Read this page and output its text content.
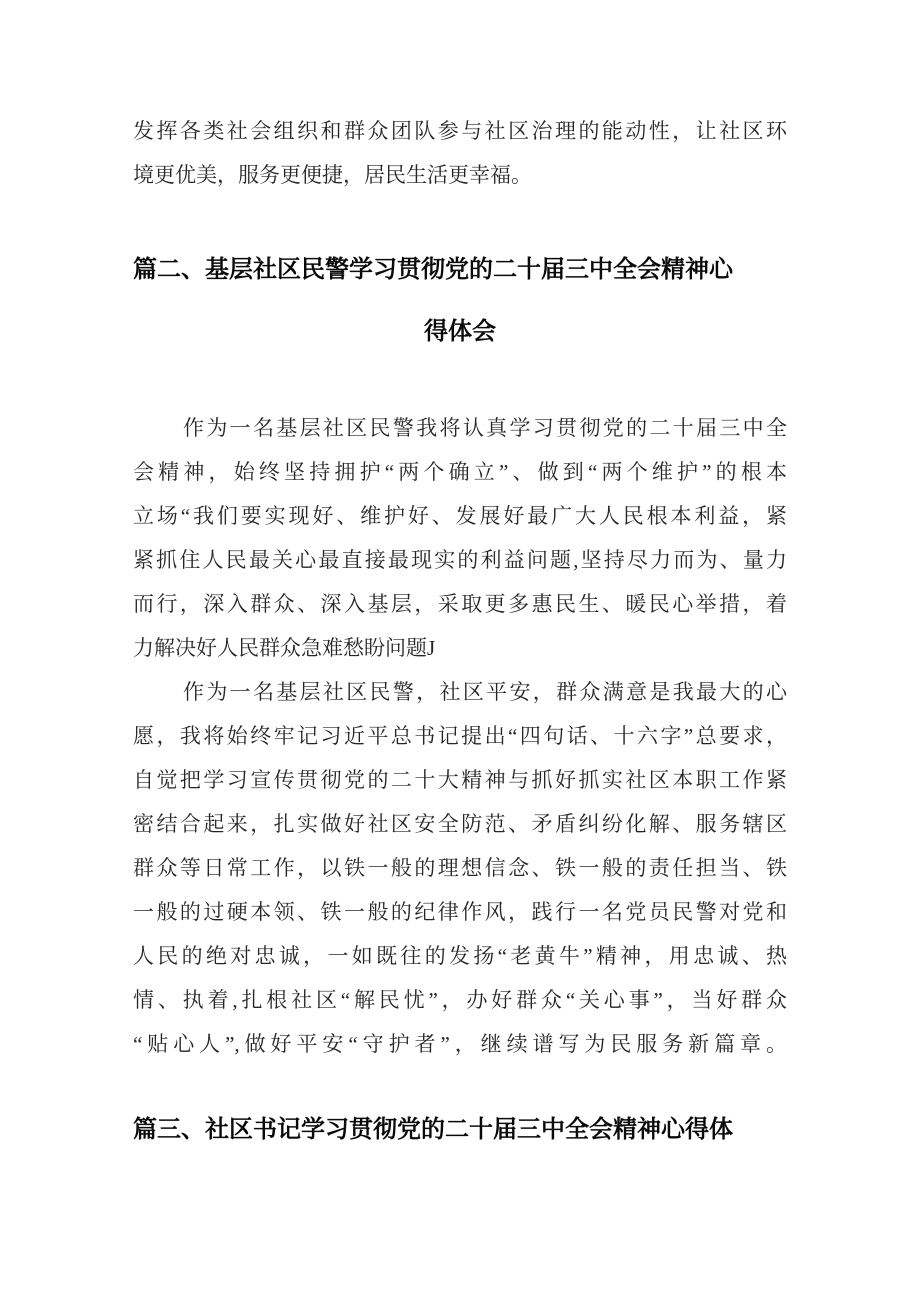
发挥各类社会组织和群众团队参与社区治理的能动性，让社区环
境更优美，服务更便捷，居民生活更幸福。
篇二、基层社区民警学习贯彻党的二十届三中全会精神心
得体会
作为一名基层社区民警我将认真学习贯彻党的二十届三中全
会精神，始终坚持拥护“两个确立”、做到“两个维护”的根本
立场“我们要实现好、维护好、发展好最广大人民根本利益，紧
紧抓住人民最关心最直接最现实的利益问题,坚持尽力而为、量力
而行，深入群众、深入基层，采取更多惠民生、暖民心举措，着
力解决好人民群众急难愁盼问题J
作为一名基层社区民警，社区平安，群众满意是我最大的心
愿，我将始终牢记习近平总书记提出“四句话、十六字”总要求，
自觉把学习宣传贯彻党的二十大精神与抓好抓实社区本职工作紧
密结合起来，扎实做好社区安全防范、矛盾纠纷化解、服务辖区
群众等日常工作，以铁一般的理想信念、铁一般的责任担当、铁
一般的过硬本领、铁一般的纪律作风，践行一名党员民警对党和
人民的绝对忠诚，一如既往的发扬“老黄牛”精神，用忠诚、热
情、执着,扎根社区“解民忧”，办好群众“关心事”，当好群众
“贴心人”,做好平安“守护者”，继续谱写为民服务新篇章。
篇三、社区书记学习贯彻党的二十届三中全会精神心得体
